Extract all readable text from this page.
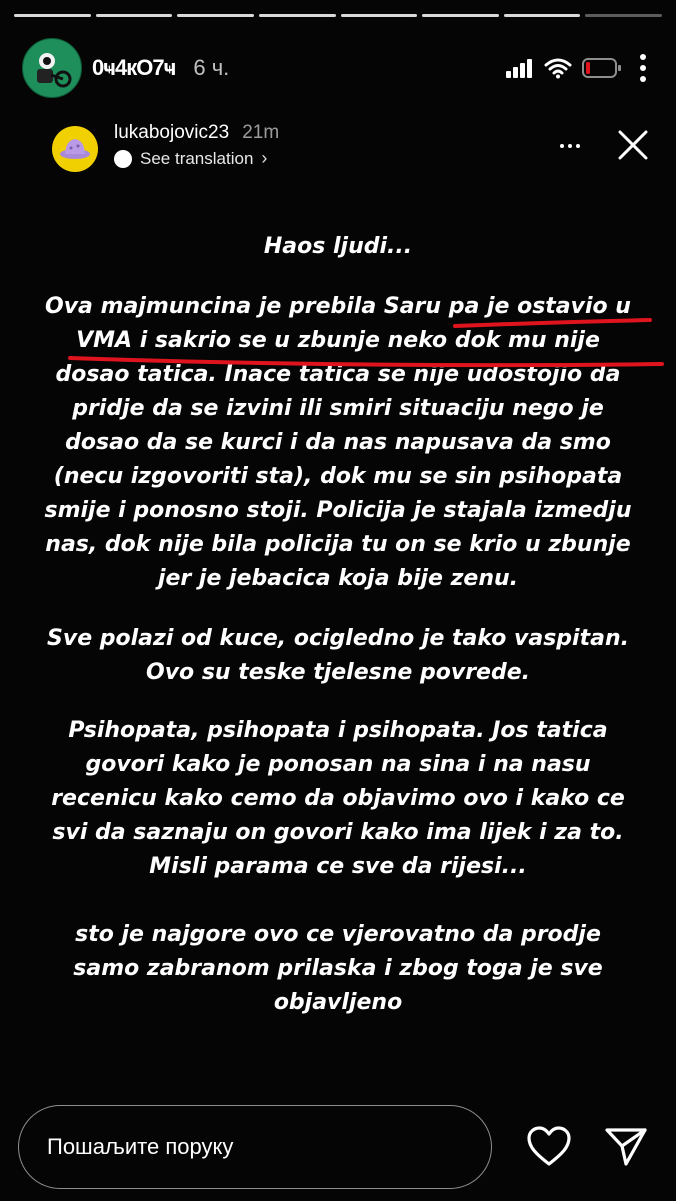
0ҹ4кО7ҹ 6 ч.
lukabojovic23 21m
See translation ›

Haos ljudi...

Ova majmuncina je prebila Saru pa je ostavio u VMA i sakrio se u zbunje neko dok mu nije dosao tatica. Inace tatica se nije udostojio da pridje da se izvini ili smiri situaciju nego je dosao da se kurci i da nas napusava da smo (necu izgovoriti sta), dok mu se sin psihopata smije i ponosno stoji. Policija je stajala izmedju nas, dok nije bila policija tu on se krio u zbunje jer je jebacica koja bije zenu.

Sve polazi od kuce, ocigledno je tako vaspitan. Ovo su teske tjelesne povrede.

Psihopata, psihopata i psihopata. Jos tatica govori kako je ponosan na sina i na nasu recenicu kako cemo da objavimo ovo i kako ce svi da saznaju on govori kako ima lijek i za to. Misli parama ce sve da rijesi...

sto je najgore ovo ce vjerovatno da prodje samo zabranom prilaska i zbog toga je sve objavljeno

Пошаљите поруку
